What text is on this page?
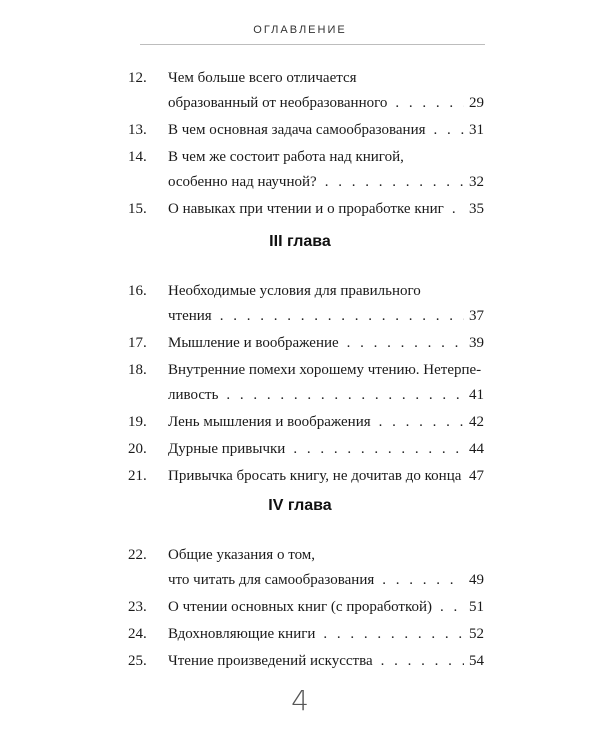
ОГЛАВЛЕНИЕ
12.	Чем больше всего отличается
образованный от необразованного . . .	29
13.	В чем основная задача самообразования . . .	31
14.	В чем же состоит работа над книгой,
особенно над научной? . . .	32
15.	О навыках при чтении и о проработке книг . . . 35
III глава
16.	Необходимые условия для правильного
чтения . . .	37
17.	Мышление и воображение . . .	39
18.	Внутренние помехи хорошему чтению. Нетерпе-
ливость . . .	41
19.	Лень мышления и воображения . . .	42
20.	Дурные привычки . . .	44
21.	Привычка бросать книгу, не дочитав до конца . . . 47
IV глава
22.	Общие указания о том,
что читать для самообразования . . .	49
23.	О чтении основных книг (с проработкой) . . . 51
24.	Вдохновляющие книги . . .	52
25.	Чтение произведений искусства . . .	54
4
